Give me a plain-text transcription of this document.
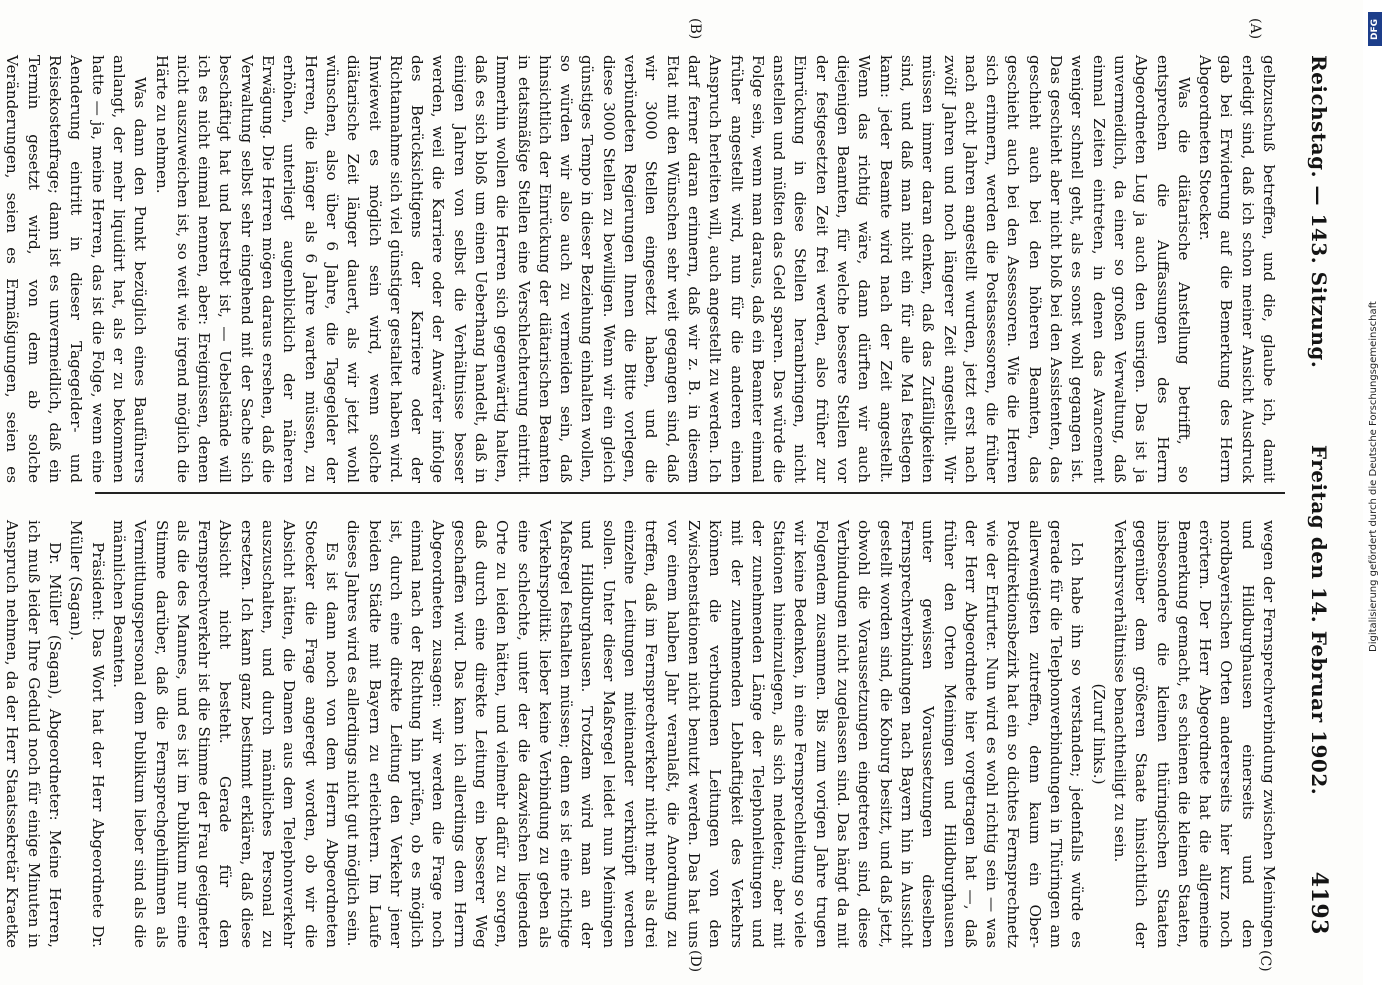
Reichstag. — 143. Sitzung.
Freitag den 14. Februar 1902.
4193
(A)
(B)
(C)
(D)

gelbzuschuß betreffen, und die, glaube ich, damit erledigt sind, daß ich schon meiner Ansicht Ausdruck gab bei Erwiderung auf die Bemerkung des Herrn Abgeordneten Stoecker.

Was die diätarische Anstellung betrifft, so entsprechen die Auffassungen des Herrn Abgeordneten Lug ja auch den unsrigen. Das ist ja unvermeidlich, da einer so großen Verwaltung, daß einmal Zeiten eintreten, in denen das Avancement weniger schnell geht, als es sonst wohl gegangen ist. Das geschieht aber nicht bloß bei den Assistenten, das geschieht auch bei den höheren Beamten, das geschieht auch bei den Assessoren. Wie die Herren sich erinnern, werden die Postassessoren, die früher nach acht Jahren angestellt wurden, jetzt erst nach zwölf Jahren und noch längerer Zeit angestellt. Wir müssen immer daran denken, daß das Zufälligkeiten sind, und daß man nicht ein für alle Mal festlegen kann: jeder Beamte wird nach der Zeit angestellt. Wenn das richtig wäre, dann dürften wir auch diejenigen Beamten, für welche bessere Stellen vor der festgesetzten Zeit frei werden, also früher zur Einrückung in diese Stellen heranbringen, nicht anstellen und müßten das Geld sparen. Das würde die Folge sein, wenn man daraus, daß ein Beamter einmal früher angestellt wird, nun für die anderen einen Anspruch herleiten will, auch angestellt zu werden. Ich darf ferner daran erinnern, daß wir z. B. in diesem Etat mit den Wünschen sehr weit gegangen sind, daß wir 3000 Stellen eingesetzt haben, und die verbündeten Regierungen Ihnen die Bitte vorlegen, diese 3000 Stellen zu bewilligen. Wenn wir ein gleich günstiges Tempo in dieser Beziehung einhalten wollen, so würden wir also auch zu vermeiden sein, daß hinsichtlich der Einrückung der diätarischen Beamten in etatsmäßige Stellen eine Verschlechterung eintritt. Immerhin wollen die Herren sich gegenwärtig halten, daß es sich bloß um einen Ueberhang handelt, daß in einigen Jahren von selbst die Verhältnisse besser werden, weil die Karriere oder der Anwärter infolge des Berücksichtigens der Karriere oder der Richtannahme sich viel günstiger gestaltet haben wird. Inwieweit es möglich sein wird, wenn solche diätarische Zeit länger dauert, als wir jetzt wohl wünschen, also über 6 Jahre, die Tagegelder der Herren, die länger als 6 Jahre warten müssen, zu erhöhen, unterliegt augenblicklich der näheren Erwägung. Die Herren mögen daraus ersehen, daß die Verwaltung selbst sehr eingehend mit der Sache sich beschäftigt hat und bestrebt ist, — Uebelstände will ich es nicht einmal nennen, aber: Ereignissen, denen nicht auszuweichen ist, so weit wie irgend möglich die Härte zu nehmen.

Was dann den Punkt bezüglich eines Bauführers anlangt, der mehr liquidirt hat, als er zu bekommen hatte — ja, meine Herren, das ist die Folge, wenn eine Aenderung eintritt in dieser Tagegelder- und Reisekostenfrage; dann ist es unvermeidlich, daß ein Termin gesetzt wird, von dem ab solche Veränderungen, seien es Ermäßigungen, seien es

wegen der Fernsprechverbindung zwischen Meiningen und Hildburghausen einerseits und den nordbayerischen Orten andererseits hier kurz noch erörtern. Der Herr Abgeordnete hat die allgemeine Bemerkung gemacht, es schienen die kleinen Staaten, insbesondere die kleinen thüringischen Staaten gegenüber dem größeren Staate hinsichtlich der Verkehrsverhältnisse benachtheiligt zu sein.

(Zuruf links.)

Ich habe ihn so verstanden; jedenfalls würde es gerade für die Telephonverbindungen in Thüringen am allerwenigsten zutreffen, denn kaum ein Ober-Postdirektionsbezirk hat ein so dichtes Fernsprechnetz wie der Erfurter. Nun wird es wohl richtig sein — was der Herr Abgeordnete hier vorgetragen hat —, daß früher den Orten Meiningen und Hildburghausen unter gewissen Voraussetzungen dieselben Fernsprechverbindungen nach Bayern hin in Aussicht gestellt worden sind, die Koburg besitzt, und daß jetzt, obwohl die Voraussetzungen eingetreten sind, diese Verbindungen nicht zugelassen sind. Das hängt da mit Folgendem zusammen. Bis zum vorigen Jahre trugen wir keine Bedenken, in eine Fernsprechleitung so viele Stationen hineinzulegen, als sich meldeten; aber mit der zunehmenden Länge der Telephonleitungen und mit der zunehmenden Lebhaftigkeit des Verkehrs können die verbundenen Leitungen von den Zwischenstationen nicht benutzt werden. Das hat uns vor einem halben Jahr veranlaßt, die Anordnung zu treffen, daß im Fernsprechverkehr nicht mehr als drei einzelne Leitungen miteinander verknüpft werden sollen. Unter dieser Maßregel leidet nun Meiningen und Hildburghausen. Trotzdem wird man an der Maßregel festhalten müssen; denn es ist eine richtige Verkehrspolitik: lieber keine Verbindung zu geben als eine schlechte, unter der die dazwischen liegenden Orte zu leiden hätten, und vielmehr dafür zu sorgen, daß durch eine direkte Leitung ein besserer Weg geschaffen wird. Das kann ich allerdings dem Herrn Abgeordneten zusagen: wir werden die Frage noch einmal nach der Richtung hin prüfen, ob es möglich ist, durch eine direkte Leitung den Verkehr jener beiden Städte mit Bayern zu erleichtern. Im Laufe dieses Jahres wird es allerdings nicht gut möglich sein.

Es ist dann noch von dem Herrn Abgeordneten Stoecker die Frage angeregt worden, ob wir die Absicht hätten, die Damen aus dem Telephonverkehr auszuschalten, und durch männliches Personal zu ersetzen. Ich kann ganz bestimmt erklären, daß diese Absicht nicht besteht. Gerade für den Fernsprechverkehr ist die Stimme der Frau geeigneter als die des Mannes, und es ist im Publikum nur eine Stimme darüber, daß die Fernsprechgehilfinnen als Vermittlungspersonal dem Publikum lieber sind als die männlichen Beamten.

Präsident: Das Wort hat der Herr Abgeordnete Dr. Müller (Sagan).

Dr. Müller (Sagan), Abgeordneter: Meine Herren, ich muß leider Ihre Geduld noch für einige Minuten in Anspruch nehmen, da der Herr Staatssekretär Kraetke

DFG
Digitalisierung gefördert durch die Deutsche Forschungsgemeinschaft
